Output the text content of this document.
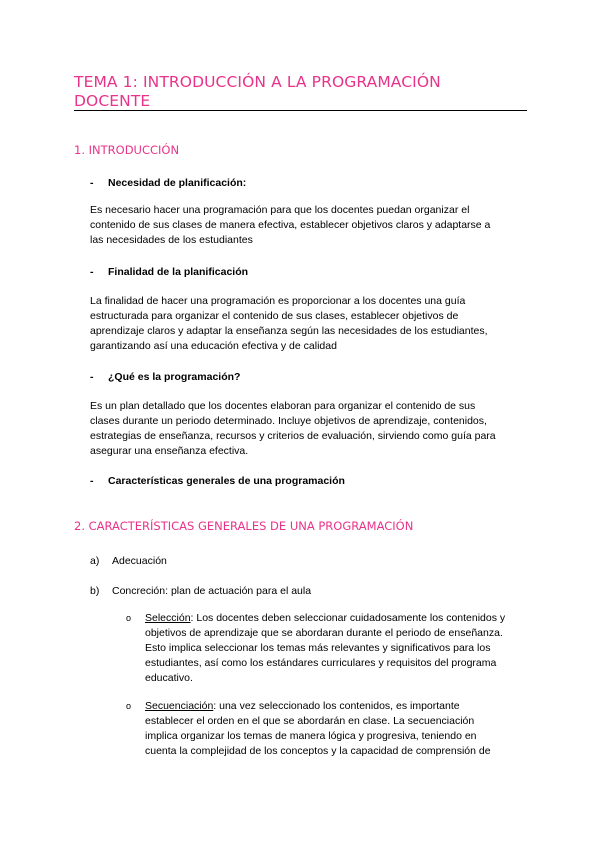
TEMA 1: INTRODUCCIÓN A LA PROGRAMACIÓN
DOCENTE
1. INTRODUCCIÓN
- Necesidad de planificación:
Es necesario hacer una programación para que los docentes puedan organizar el
contenido de sus clases de manera efectiva, establecer objetivos claros y adaptarse a
las necesidades de los estudiantes
- Finalidad de la planificación
La finalidad de hacer una programación es proporcionar a los docentes una guía
estructurada para organizar el contenido de sus clases, establecer objetivos de
aprendizaje claros y adaptar la enseñanza según las necesidades de los estudiantes,
garantizando así una educación efectiva y de calidad
- ¿Qué es la programación?
Es un plan detallado que los docentes elaboran para organizar el contenido de sus
clases durante un periodo determinado. Incluye objetivos de aprendizaje, contenidos,
estrategias de enseñanza, recursos y criterios de evaluación, sirviendo como guía para
asegurar una enseñanza efectiva.
- Características generales de una programación
2. CARACTERÍSTICAS GENERALES DE UNA PROGRAMACIÓN
a) Adecuación
b) Concreción: plan de actuación para el aula
o Selección: Los docentes deben seleccionar cuidadosamente los contenidos y
objetivos de aprendizaje que se abordaran durante el periodo de enseñanza.
Esto implica seleccionar los temas más relevantes y significativos para los
estudiantes, así como los estándares curriculares y requisitos del programa
educativo.
o Secuenciación: una vez seleccionado los contenidos, es importante
establecer el orden en el que se abordarán en clase. La secuenciación
implica organizar los temas de manera lógica y progresiva, teniendo en
cuenta la complejidad de los conceptos y la capacidad de comprensión de
